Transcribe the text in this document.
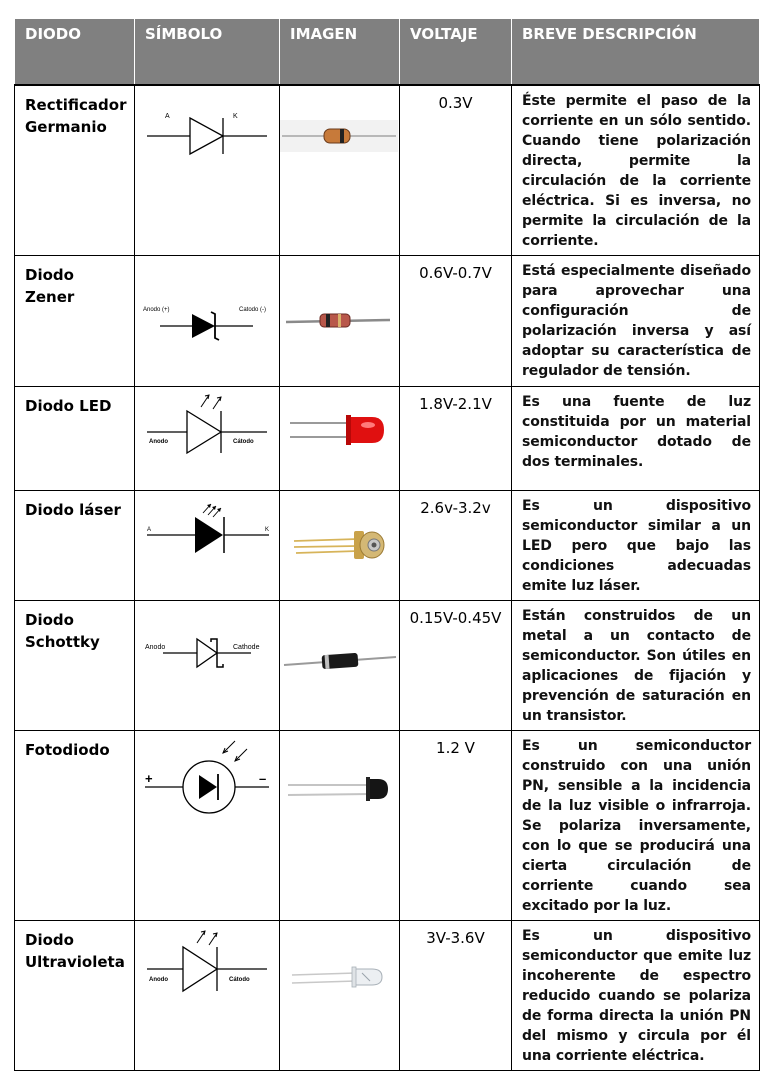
DIODO	SÍMBOLO	IMAGEN	VOLTAJE	BREVE DESCRIPCIÓN
Rectificador Germanio	A K		0.3V	Éste permite el paso de la corriente en un sólo sentido. Cuando tiene polarización directa, permite la circulación de la corriente eléctrica. Si es inversa, no permite la circulación de la corriente.
Diodo Zener	Anodo (+) Catodo (-)		0.6V-0.7V	Está especialmente diseñado para aprovechar una configuración de polarización inversa y así adoptar su característica de regulador de tensión.
Diodo LED	Anodo Cátodo		1.8V-2.1V	Es una fuente de luz constituida por un material semiconductor dotado de dos terminales.
Diodo láser	A K		2.6v-3.2v	Es un dispositivo semiconductor similar a un LED pero que bajo las condiciones adecuadas emite luz láser.
Diodo Schottky	Anodo Cathode		0.15V-0.45V	Están construidos de un metal a un contacto de semiconductor. Son útiles en aplicaciones de fijación y prevención de saturación en un transistor.
Fotodiodo	+ –		1.2 V	Es un semiconductor construido con una unión PN, sensible a la incidencia de la luz visible o infrarroja. Se polariza inversamente, con lo que se producirá una cierta circulación de corriente cuando sea excitado por la luz.
Diodo Ultravioleta	Anodo Cátodo		3V-3.6V	Es un dispositivo semiconductor que emite luz incoherente de espectro reducido cuando se polariza de forma directa la unión PN del mismo y circula por él una corriente eléctrica.
